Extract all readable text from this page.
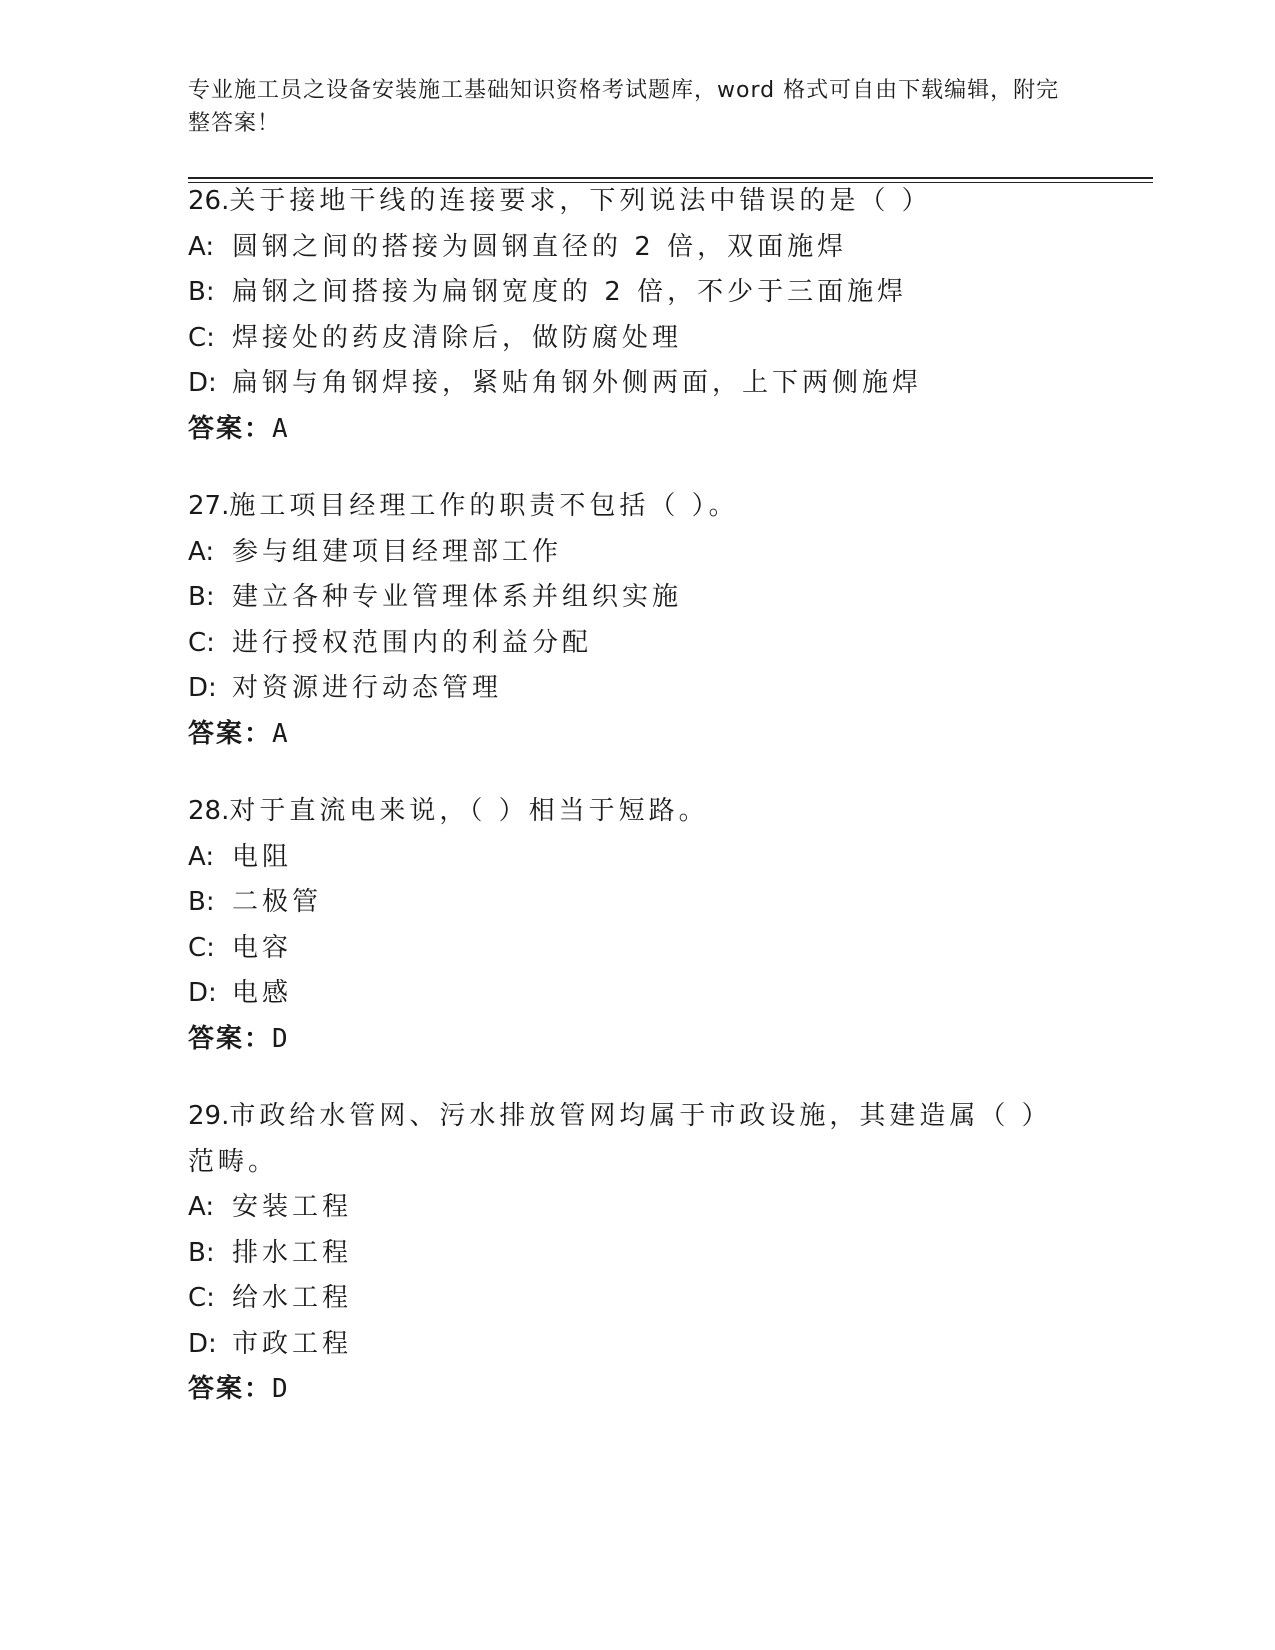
专业施工员之设备安装施工基础知识资格考试题库，word 格式可自由下载编辑，附完整答案！
26.关于接地干线的连接要求，下列说法中错误的是（ ）
A: 圆钢之间的搭接为圆钢直径的 2 倍，双面施焊
B: 扁钢之间搭接为扁钢宽度的 2 倍，不少于三面施焊
C: 焊接处的药皮清除后，做防腐处理
D: 扁钢与角钢焊接，紧贴角钢外侧两面，上下两侧施焊
答案：A
27.施工项目经理工作的职责不包括（ ）。
A: 参与组建项目经理部工作
B: 建立各种专业管理体系并组织实施
C: 进行授权范围内的利益分配
D: 对资源进行动态管理
答案：A
28.对于直流电来说，（ ）相当于短路。
A: 电阻
B: 二极管
C: 电容
D: 电感
答案：D
29.市政给水管网、污水排放管网均属于市政设施，其建造属（ ）范畴。
A: 安装工程
B: 排水工程
C: 给水工程
D: 市政工程
答案：D
